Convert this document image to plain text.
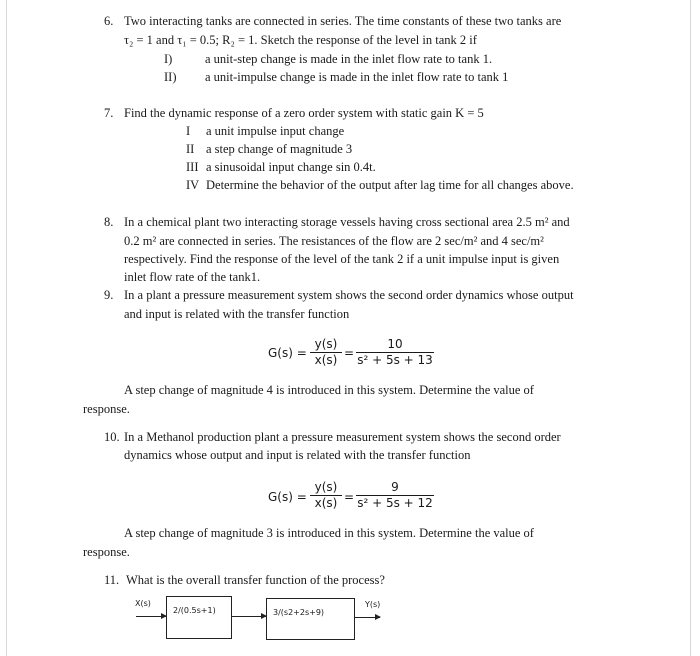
6. Two interacting tanks are connected in series. The time constants of these two tanks are
τ₂ = 1 and τ₁ = 0.5; R₂ = 1. Sketch the response of the level in tank 2 if
I)	a unit-step change is made in the inlet flow rate to tank 1.
II) a unit-impulse change is made in the inlet flow rate to tank 1
7. Find the dynamic response of a zero order system with static gain K = 5
I a unit impulse input change
II a step change of magnitude 3
III a sinusoidal input change sin 0.4t.
IV Determine the behavior of the output after lag time for all changes above.
8. In a chemical plant two interacting storage vessels having cross sectional area 2.5 m² and
0.2 m² are connected in series. The resistances of the flow are 2 sec/m² and 4 sec/m²
respectively. Find the response of the level of the tank 2 if a unit impulse input is given
inlet flow rate of the tank1.
9. In a plant a pressure measurement system shows the second order dynamics whose output
and input is related with the transfer function
G(s) =
y(s)
x(s) =
10
s² + 5s + 13
A step change of magnitude 4 is introduced in this system. Determine the value of
response.
10. In a Methanol production plant a pressure measurement system shows the second order
dynamics whose output and input is related with the transfer function
G(s) =
y(s)
x(s) =
9
s² + 5s + 12
A step change of magnitude 3 is introduced in this system. Determine the value of
response.
11. What is the overall transfer function of the process?
X(s)
2/(0.5s+1)	3/(s2+2s+9)
Y(s)
